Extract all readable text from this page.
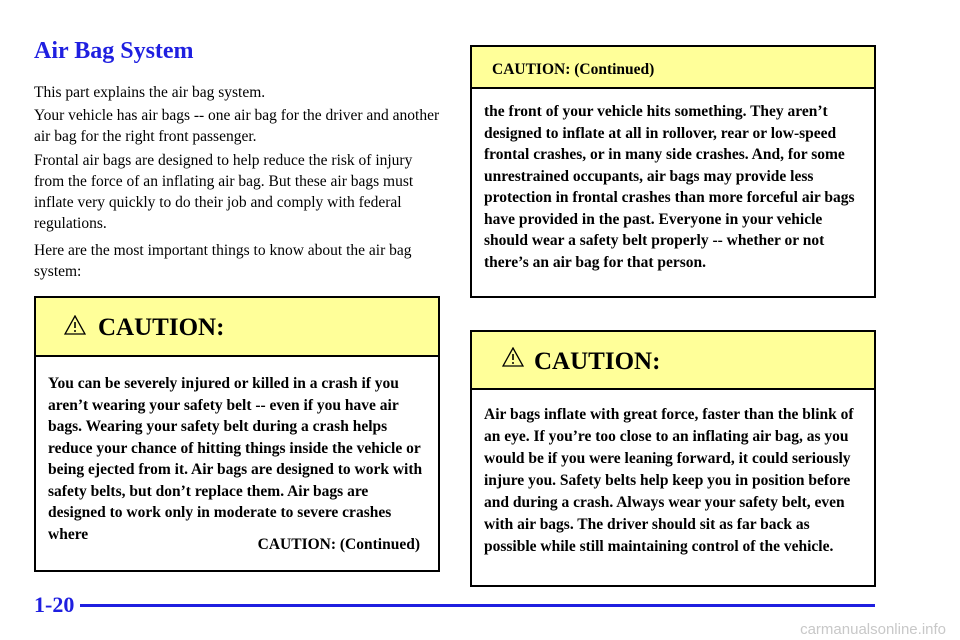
Air Bag System

This part explains the air bag system.

Your vehicle has air bags -- one air bag for the driver and another air bag for the right front passenger.

Frontal air bags are designed to help reduce the risk of injury from the force of an inflating air bag. But these air bags must inflate very quickly to do their job and comply with federal regulations.

Here are the most important things to know about the air bag system:

CAUTION:

You can be severely injured or killed in a crash if you aren’t wearing your safety belt -- even if you have air bags. Wearing your safety belt during a crash helps reduce your chance of hitting things inside the vehicle or being ejected from it. Air bags are designed to work with safety belts, but don’t replace them. Air bags are designed to work only in moderate to severe crashes where

CAUTION: (Continued)
CAUTION: (Continued)

the front of your vehicle hits something. They aren’t designed to inflate at all in rollover, rear or low-speed frontal crashes, or in many side crashes. And, for some unrestrained occupants, air bags may provide less protection in frontal crashes than more forceful air bags have provided in the past. Everyone in your vehicle should wear a safety belt properly -- whether or not there’s an air bag for that person.

CAUTION:

Air bags inflate with great force, faster than the blink of an eye. If you’re too close to an inflating air bag, as you would be if you were leaning forward, it could seriously injure you. Safety belts help keep you in position before and during a crash. Always wear your safety belt, even with air bags. The driver should sit as far back as possible while still maintaining control of the vehicle.

1-20
carmanualsonline.info
